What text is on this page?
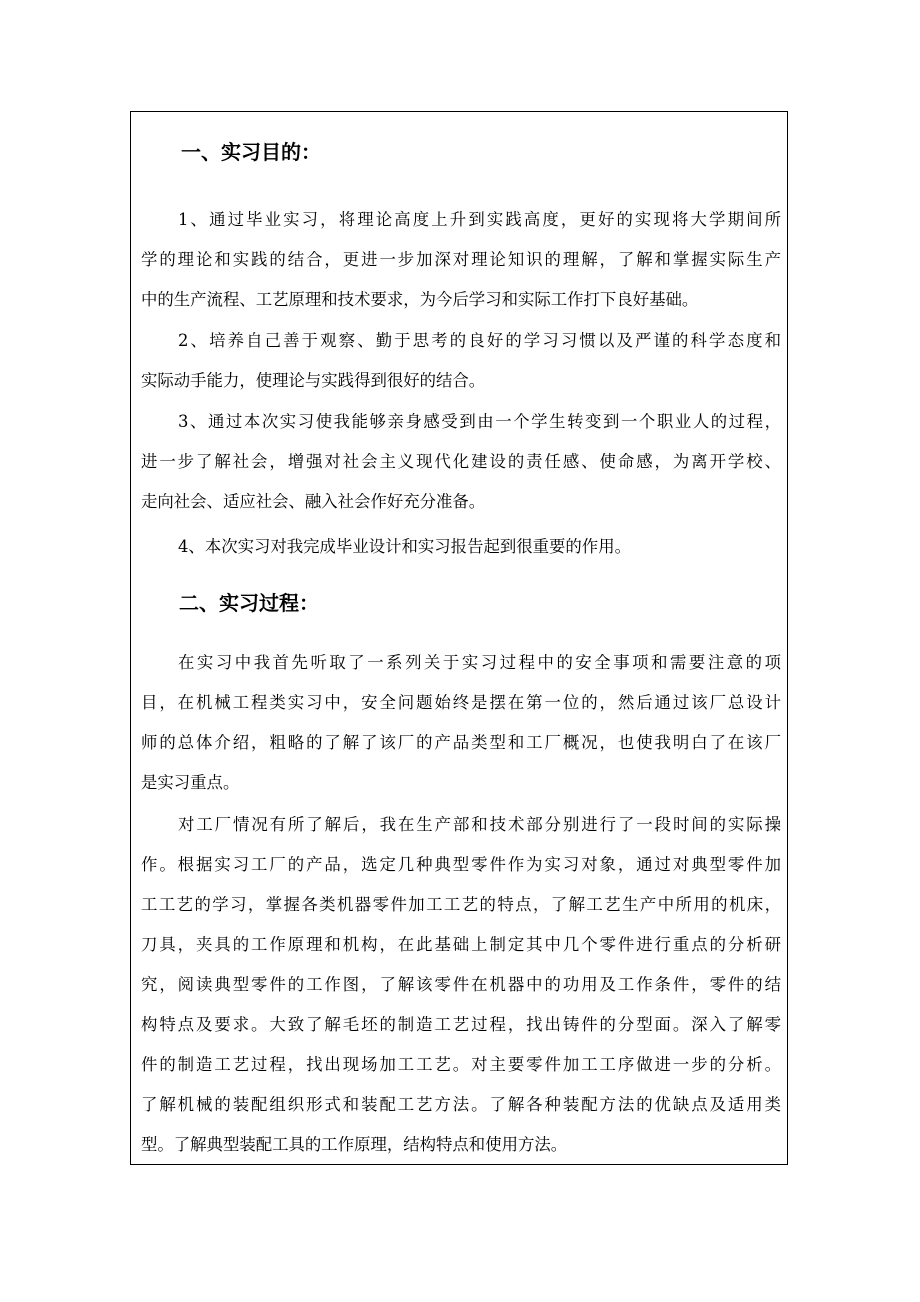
一、实习目的：
1、通过毕业实习，将理论高度上升到实践高度，更好的实现将大学期间所
学的理论和实践的结合，更进一步加深对理论知识的理解，了解和掌握实际生产
中的生产流程、工艺原理和技术要求，为今后学习和实际工作打下良好基础。
2、培养自己善于观察、勤于思考的良好的学习习惯以及严谨的科学态度和
实际动手能力，使理论与实践得到很好的结合。
3、通过本次实习使我能够亲身感受到由一个学生转变到一个职业人的过程，
进一步了解社会，增强对社会主义现代化建设的责任感、使命感，为离开学校、
走向社会、适应社会、融入社会作好充分准备。
4、本次实习对我完成毕业设计和实习报告起到很重要的作用。
二、实习过程：
在实习中我首先听取了一系列关于实习过程中的安全事项和需要注意的项
目，在机械工程类实习中，安全问题始终是摆在第一位的，然后通过该厂总设计
师的总体介绍，粗略的了解了该厂的产品类型和工厂概况，也使我明白了在该厂
是实习重点。
对工厂情况有所了解后，我在生产部和技术部分别进行了一段时间的实际操
作。根据实习工厂的产品，选定几种典型零件作为实习对象，通过对典型零件加
工工艺的学习，掌握各类机器零件加工工艺的特点，了解工艺生产中所用的机床，
刀具，夹具的工作原理和机构，在此基础上制定其中几个零件进行重点的分析研
究，阅读典型零件的工作图，了解该零件在机器中的功用及工作条件，零件的结
构特点及要求。大致了解毛坯的制造工艺过程，找出铸件的分型面。深入了解零
件的制造工艺过程，找出现场加工工艺。对主要零件加工工序做进一步的分析。
了解机械的装配组织形式和装配工艺方法。了解各种装配方法的优缺点及适用类
型。了解典型装配工具的工作原理，结构特点和使用方法。
